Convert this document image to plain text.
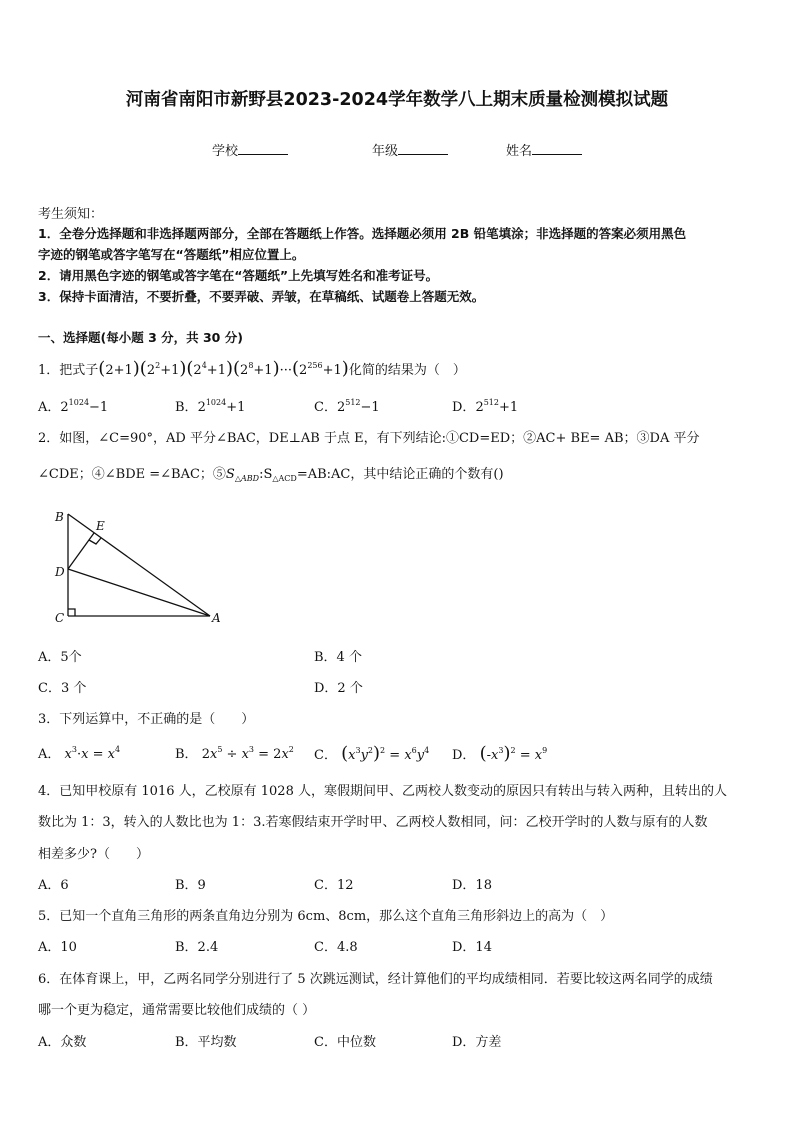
河南省南阳市新野县2023-2024学年数学八上期末质量检测模拟试题
学校	年级	姓名
考生须知：
1．全卷分选择题和非选择题两部分，全部在答题纸上作答。选择题必须用 2B 铅笔填涂；非选择题的答案必须用黑色
字迹的钢笔或答字笔写在“答题纸”相应位置上。
2．请用黑色字迹的钢笔或答字笔在“答题纸”上先填写姓名和准考证号。
3．保持卡面清洁，不要折叠，不要弄破、弄皱，在草稿纸、试题卷上答题无效。
一、选择题(每小题 3 分，共 30 分)
1．把式子$(2+1)(2^2+1)(2^4+1)(2^8+1)\cdot\cdot\cdot(2^{256}+1)$化简的结果为（　）
A．$2^{1024}-1$	B．$2^{1024}+1$	C．$2^{512}-1$	D．$2^{512}+1$
2．如图，∠C=90°，AD 平分∠BAC，DE⊥AB 于点 E，有下列结论:①CD=ED；②AC+ BE= AB；③DA 平分
∠CDE；④∠BDE =∠BAC；$⑤S_{\triangle ABD}:S_{\triangle ACD}=AB:AC$，其中结论正确的个数有()
B
E
D
C	A
A．5个	B．4 个
C．3 个	D．2 个
3．下列运算中，不正确的是（　　）
A． $x^3\cdot x = x^4$	B． $2x^5 \div x^3 = 2x^2$ C． $(x^3y^2)^2 = x^6y^4$ D． $(-x^3)^2 = x^9$
4．已知甲校原有 1016 人，乙校原有 1028 人，寒假期间甲、乙两校人数变动的原因只有转出与转入两种，且转出的人
数比为 1：3，转入的人数比也为 1：3.若寒假结束开学时甲、乙两校人数相同，问：乙校开学时的人数与原有的人数
相差多少?（　　）
A．6	B．9	C．12	D．18
5．已知一个直角三角形的两条直角边分别为 6cm、8cm，那么这个直角三角形斜边上的高为（　）
A．10	B．2.4	C．4.8	D．14
6．在体育课上，甲，乙两名同学分别进行了 5 次跳远测试，经计算他们的平均成绩相同．若要比较这两名同学的成绩
哪一个更为稳定，通常需要比较他们成绩的（ ）
A．众数	B．平均数	C．中位数	D．方差
